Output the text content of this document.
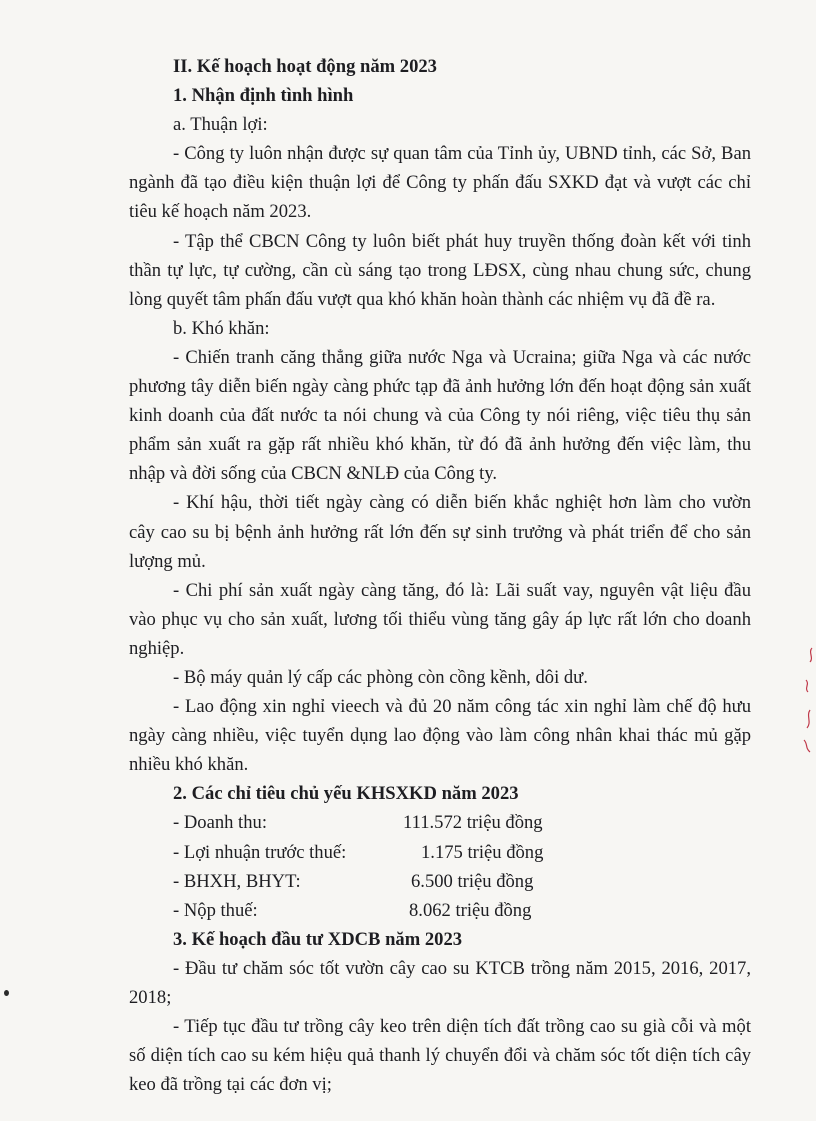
II. Kế hoạch hoạt động năm 2023
1. Nhận định tình hình
a. Thuận lợi:
- Công ty luôn nhận được sự quan tâm của Tỉnh ủy, UBND tỉnh, các Sở, Ban
ngành đã tạo điều kiện thuận lợi để Công ty phấn đấu SXKD đạt và vượt các chỉ
tiêu kế hoạch năm 2023.
- Tập thể CBCN Công ty luôn biết phát huy truyền thống đoàn kết với tinh
thần tự lực, tự cường, cần cù sáng tạo trong LĐSX, cùng nhau chung sức, chung
lòng quyết tâm phấn đấu vượt qua khó khăn hoàn thành các nhiệm vụ đã đề ra.
b. Khó khăn:
- Chiến tranh căng thẳng giữa nước Nga và Ucraina; giữa Nga và các nước
phương tây diễn biến ngày càng phức tạp đã ảnh hưởng lớn đến hoạt động sản xuất
kinh doanh của đất nước ta nói chung và của Công ty nói riêng, việc tiêu thụ sản
phẩm sản xuất ra gặp rất nhiều khó khăn, từ đó đã ảnh hưởng đến việc làm, thu
nhập và đời sống của CBCN &NLĐ của Công ty.
- Khí hậu, thời tiết ngày càng có diễn biến khắc nghiệt hơn làm cho vườn
cây cao su bị bệnh ảnh hưởng rất lớn đến sự sinh trưởng và phát triển để cho sản
lượng mủ.
- Chi phí sản xuất ngày càng tăng, đó là: Lãi suất vay, nguyên vật liệu đầu
vào phục vụ cho sản xuất, lương tối thiểu vùng tăng gây áp lực rất lớn cho doanh
nghiệp.
- Bộ máy quản lý cấp các phòng còn cồng kềnh, dôi dư.
- Lao động xin nghỉ vieech và đủ 20 năm công tác xin nghỉ làm chế độ hưu
ngày càng nhiều, việc tuyển dụng lao động vào làm công nhân khai thác mủ gặp
nhiều khó khăn.
2. Các chỉ tiêu chủ yếu KHSXKD năm 2023
- Doanh thu:	111.572 triệu đồng
- Lợi nhuận trước thuế:	1.175 triệu đồng
- BHXH, BHYT:	6.500 triệu đồng
- Nộp thuế:	8.062 triệu đồng
3. Kế hoạch đầu tư XDCB năm 2023
- Đầu tư chăm sóc tốt vườn cây cao su KTCB trồng năm 2015, 2016, 2017,
2018;
- Tiếp tục đầu tư trồng cây keo trên diện tích đất trồng cao su già cỗi và một
số diện tích cao su kém hiệu quả thanh lý chuyển đổi và chăm sóc tốt diện tích cây
keo đã trồng tại các đơn vị;
